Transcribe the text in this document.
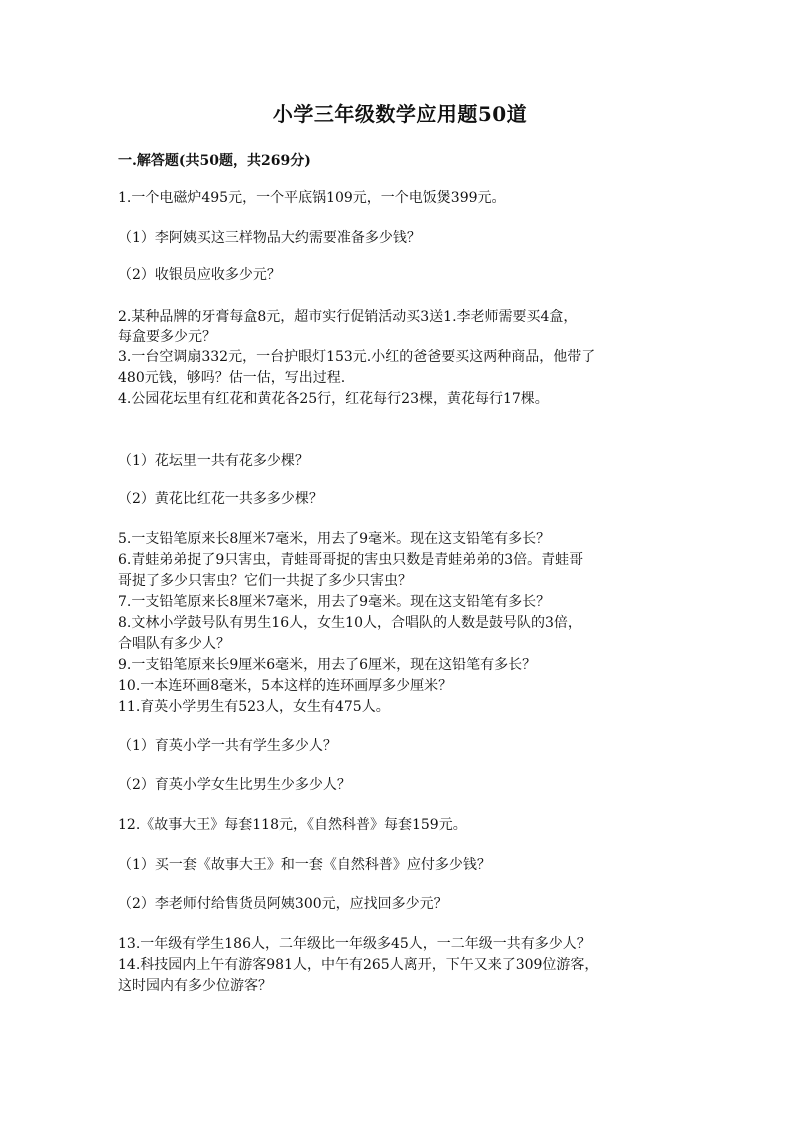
小学三年级数学应用题50道
一.解答题(共50题，共269分)
1.一个电磁炉495元，一个平底锅109元，一个电饭煲399元。
（1）李阿姨买这三样物品大约需要准备多少钱？
（2）收银员应收多少元？
2.某种品牌的牙膏每盒8元，超市实行促销活动买3送1.李老师需要买4盒，
每盒要多少元？
3.一台空调扇332元，一台护眼灯153元.小红的爸爸要买这两种商品，他带了
480元钱，够吗？估一估，写出过程.
4.公园花坛里有红花和黄花各25行，红花每行23棵，黄花每行17棵。
（1）花坛里一共有花多少棵？
（2）黄花比红花一共多多少棵？
5.一支铅笔原来长8厘米7毫米，用去了9毫米。现在这支铅笔有多长？
6.青蛙弟弟捉了9只害虫，青蛙哥哥捉的害虫只数是青蛙弟弟的3倍。青蛙哥
哥捉了多少只害虫？它们一共捉了多少只害虫？
7.一支铅笔原来长8厘米7毫米，用去了9毫米。现在这支铅笔有多长？
8.文林小学鼓号队有男生16人，女生10人，合唱队的人数是鼓号队的3倍，
合唱队有多少人？
9.一支铅笔原来长9厘米6毫米，用去了6厘米，现在这铅笔有多长？
10.一本连环画8毫米，5本这样的连环画厚多少厘米？
11.育英小学男生有523人，女生有475人。
（1）育英小学一共有学生多少人？
（2）育英小学女生比男生少多少人？
12.《故事大王》每套118元，《自然科普》每套159元。
（1）买一套《故事大王》和一套《自然科普》应付多少钱？
（2）李老师付给售货员阿姨300元，应找回多少元？
13.一年级有学生186人，二年级比一年级多45人，一二年级一共有多少人？
14.科技园内上午有游客981人，中午有265人离开，下午又来了309位游客，
这时园内有多少位游客？
